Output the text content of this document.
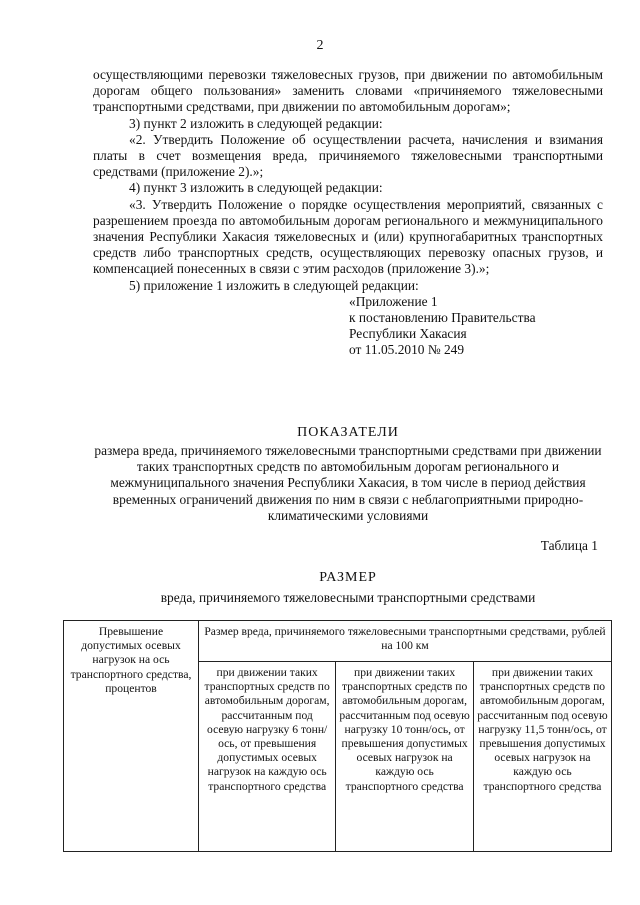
2

осуществляющими перевозки тяжеловесных грузов, при движении по автомобильным дорогам общего пользования» заменить словами «причиняемого тяжеловесными транспортными средствами, при движении по автомобильным дорогам»;

3) пункт 2 изложить в следующей редакции:

«2. Утвердить Положение об осуществлении расчета, начисления и взимания платы в счет возмещения вреда, причиняемого тяжеловесными транспортными средствами (приложение 2).»;

4) пункт 3 изложить в следующей редакции:

«3. Утвердить Положение о порядке осуществления мероприятий, связанных с разрешением проезда по автомобильным дорогам регионального и межмуниципального значения Республики Хакасия тяжеловесных и (или) крупногабаритных транспортных средств либо транспортных средств, осуществляющих перевозку опасных грузов, и компенсацией понесенных в связи с этим расходов (приложение 3).»;

5) приложение 1 изложить в следующей редакции:

«Приложение 1

к постановлению Правительства

Республики Хакасия

от 11.05.2010 № 249

ПОКАЗАТЕЛИ
размера вреда, причиняемого тяжеловесными транспортными средствами при движении таких транспортных средств по автомобильным дорогам регионального и межмуниципального значения Республики Хакасия, в том числе в период действия временных ограничений движения по ним в связи с неблагоприятными природно-климатическими условиями
Таблица 1
РАЗМЕР
вреда, причиняемого тяжеловесными транспортными средствами
Превышение допустимых осевых нагрузок на ось транспортного средства, процентов	Размер вреда, причиняемого тяжеловесными транспортными средствами, рублей на 100 км		
	при движении таких транспортных средств по автомобильным дорогам, рассчитанным под осевую нагрузку 6 тонн/ось, от превышения допустимых осевых нагрузок на каждую ось транспортного средства	при движении таких транспортных средств по автомобильным дорогам, рассчитанным под осевую нагрузку 10 тонн/ось, от превышения допустимых осевых нагрузок на каждую ось транспортного средства	при движении таких транспортных средств по автомобильным дорогам, рассчитанным под осевую нагрузку 11,5 тонн/ось, от превышения допустимых осевых нагрузок на каждую ось транспортного средства
